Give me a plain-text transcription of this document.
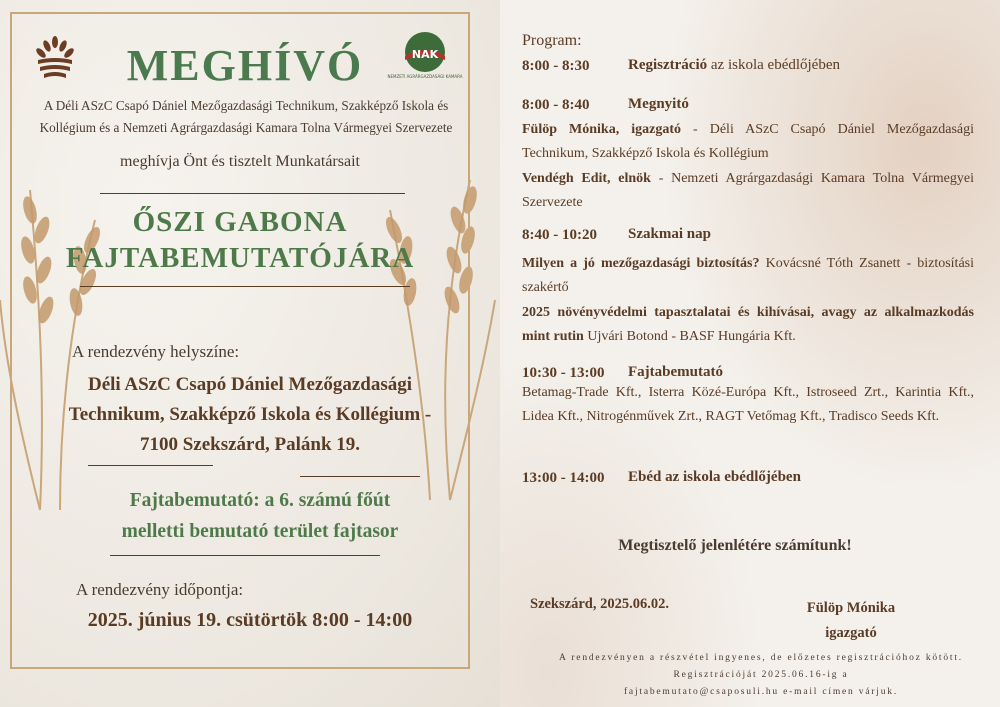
NAK
NEMZETI AGRÁRGAZDASÁGI KAMARA
MEGHÍVÓ
A Déli ASzC Csapó Dániel Mezőgazdasági Technikum, Szakképző Iskola és Kollégium és a Nemzeti Agrárgazdasági Kamara Tolna Vármegyei Szervezete
meghívja Önt és tisztelt Munkatársait
ŐSZI GABONA
FAJTABEMUTATÓJÁRA
A rendezvény helyszíne:
Déli ASzC Csapó Dániel Mezőgazdasági
Technikum, Szakképző Iskola és Kollégium -
7100 Szekszárd, Palánk 19.
Fajtabemutató: a 6. számú főút
melletti bemutató terület fajtasor
A rendezvény időpontja:
2025. június 19. csütörtök 8:00 - 14:00
Program:
8:00 - 8:30	Regisztráció az iskola ebédlőjében
8:00 - 8:40	Megnyitó
Fülöp Mónika, igazgató - Déli ASzC Csapó Dániel Mezőgazdasági Technikum, Szakképző Iskola és Kollégium
Vendégh Edit, elnök - Nemzeti Agrárgazdasági Kamara Tolna Vármegyei Szervezete
8:40 - 10:20 Szakmai nap
Milyen a jó mezőgazdasági biztosítás? Kovácsné Tóth Zsanett - biztosítási szakértő
2025 növényvédelmi tapasztalatai és kihívásai, avagy az alkalmazkodás mint rutin Ujvári Botond - BASF Hungária Kft.
10:30 - 13:00 Fajtabemutató
Betamag-Trade Kft., Isterra Közé-Európa Kft., Istroseed Zrt., Karintia Kft., Lidea Kft., Nitrogénművek Zrt., RAGT Vetőmag Kft., Tradisco Seeds Kft.
13:00 - 14:00 Ebéd az iskola ebédlőjében
Megtisztelő jelenlétére számítunk!
Szekszárd, 2025.06.02.	Fülöp Mónika
igazgató
A rendezvényen a részvétel ingyenes, de előzetes regisztrációhoz kötött.
Regisztrációját 2025.06.16-ig a
fajtabemutato@csaposuli.hu e-mail címen várjuk.
